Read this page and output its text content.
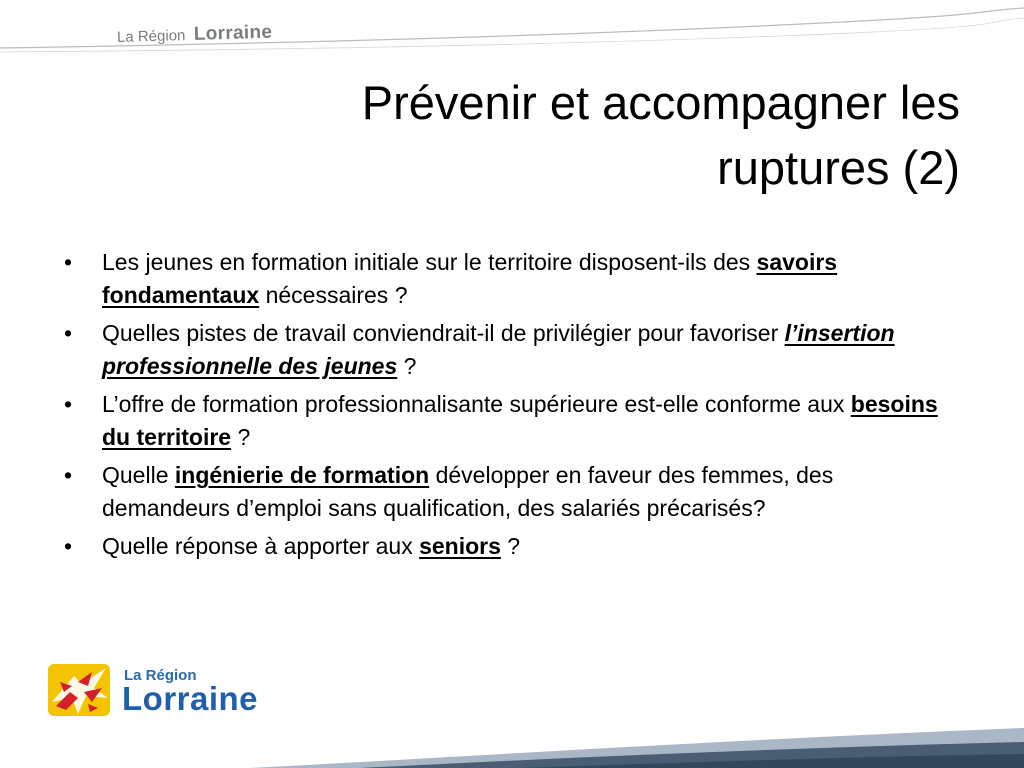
La Région Lorraine
Prévenir et accompagner les
ruptures (2)
• Les jeunes en formation initiale sur le territoire disposent-ils des savoirs fondamentaux nécessaires ?
• Quelles pistes de travail conviendrait-il de privilégier pour favoriser l’insertion professionnelle des jeunes ?
• L’offre de formation professionnalisante supérieure est-elle conforme aux besoins du territoire ?
• Quelle ingénierie de formation développer en faveur des femmes, des demandeurs d’emploi sans qualification, des salariés précarisés?
• Quelle réponse à apporter aux seniors ?
La Région
Lorraine
